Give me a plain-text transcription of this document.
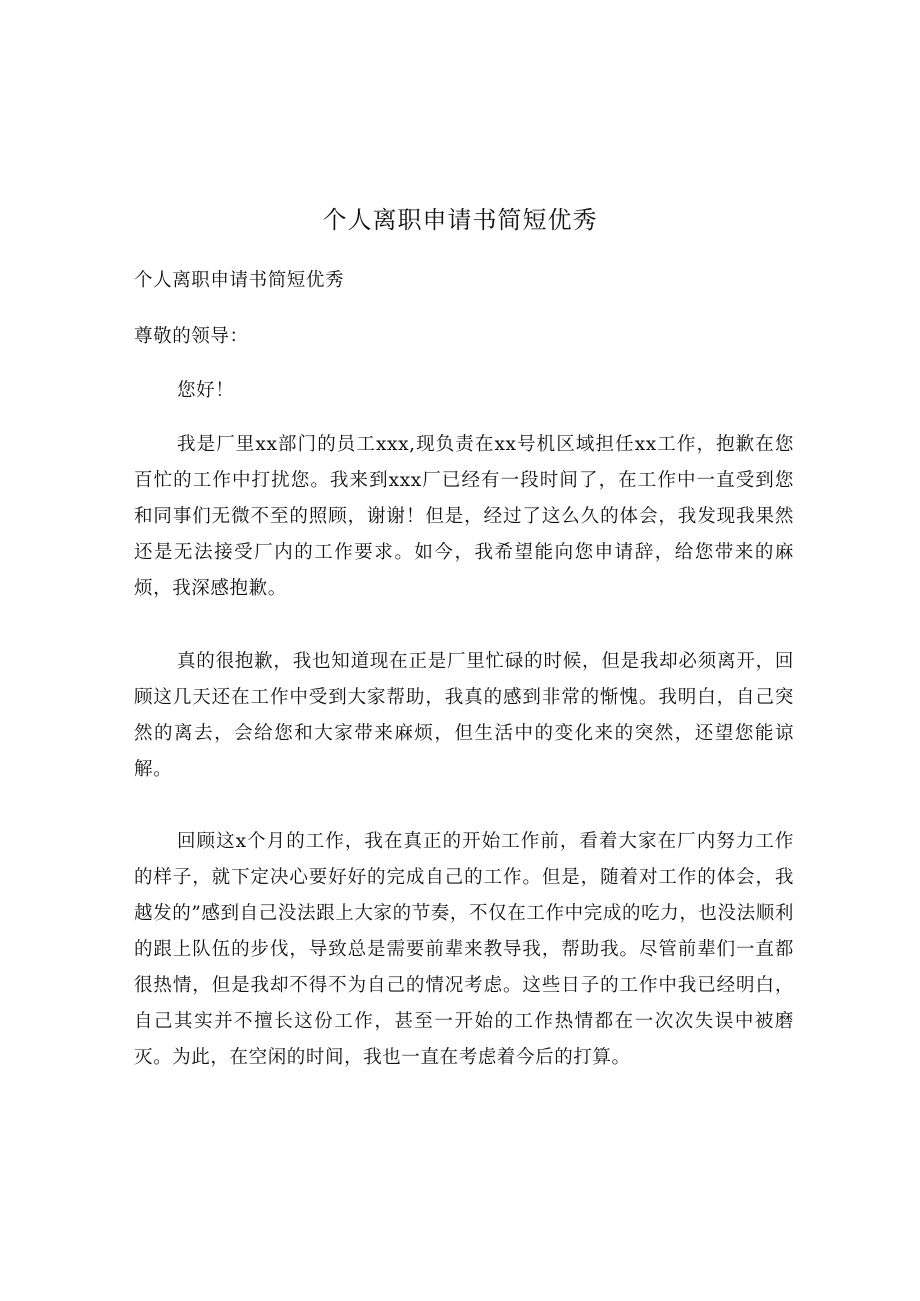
个人离职申请书简短优秀

个人离职申请书简短优秀

尊敬的领导：

您好！

我是厂里xx部门的员工xxx,现负责在xx号机区域担任xx工作，抱歉在您百忙的工作中打扰您。我来到xxx厂已经有一段时间了，在工作中一直受到您和同事们无微不至的照顾，谢谢！但是，经过了这么久的体会，我发现我果然还是无法接受厂内的工作要求。如今，我希望能向您申请辞，给您带来的麻烦，我深感抱歉。

真的很抱歉，我也知道现在正是厂里忙碌的时候，但是我却必须离开，回顾这几天还在工作中受到大家帮助，我真的感到非常的惭愧。我明白，自己突然的离去，会给您和大家带来麻烦，但生活中的变化来的突然，还望您能谅解。

回顾这x个月的工作，我在真正的开始工作前，看着大家在厂内努力工作的样子，就下定决心要好好的完成自己的工作。但是，随着对工作的体会，我越发的”感到自己没法跟上大家的节奏，不仅在工作中完成的吃力，也没法顺利的跟上队伍的步伐，导致总是需要前辈来教导我，帮助我。尽管前辈们一直都很热情，但是我却不得不为自己的情况考虑。这些日子的工作中我已经明白，自己其实并不擅长这份工作，甚至一开始的工作热情都在一次次失误中被磨灭。为此，在空闲的时间，我也一直在考虑着今后的打算。
